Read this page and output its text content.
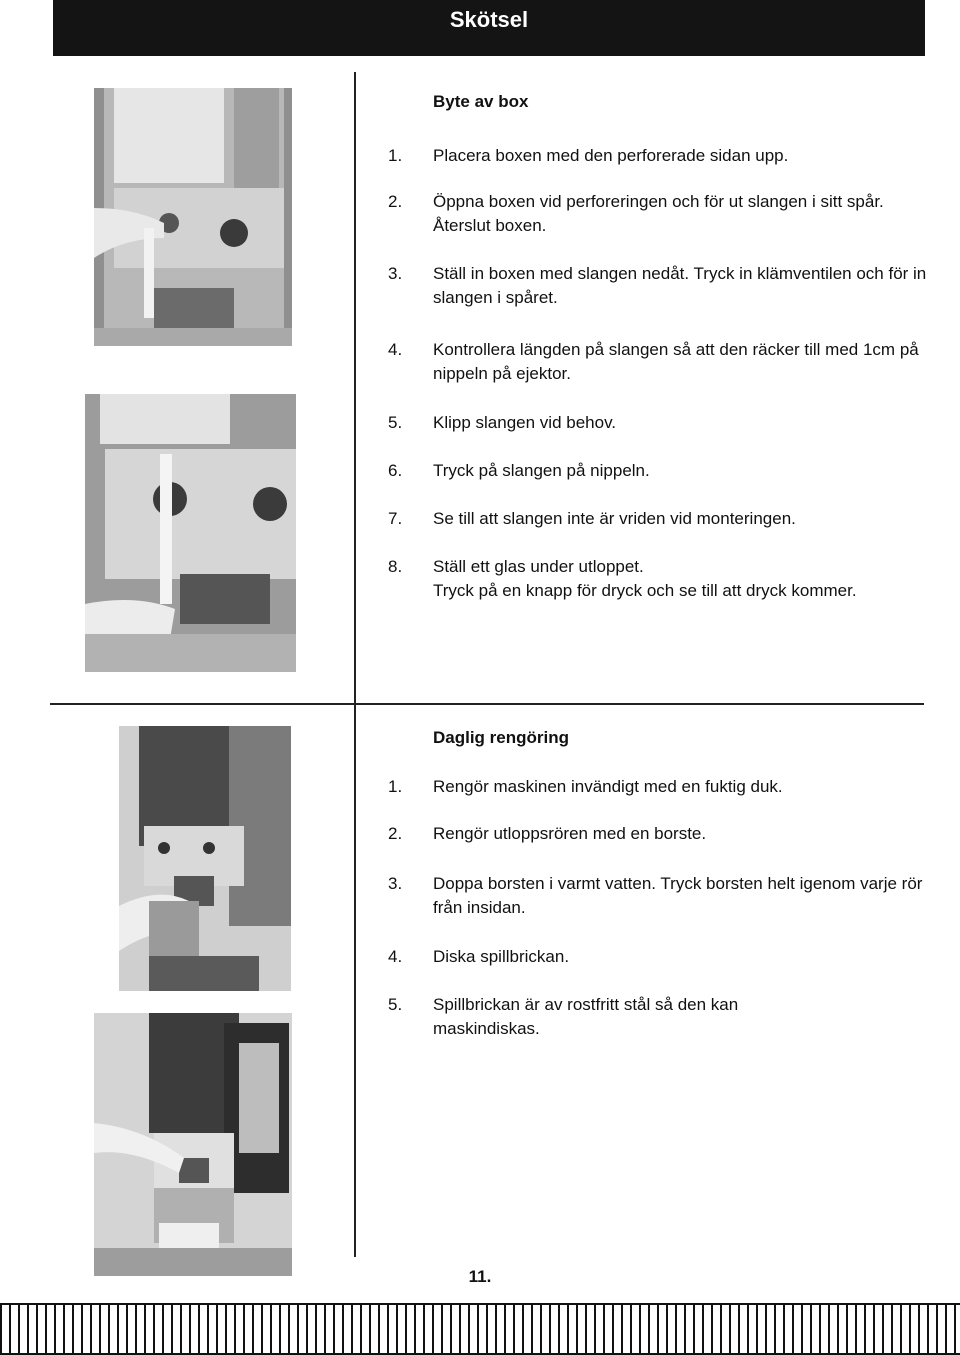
Skötsel
Byte av box
1. Placera boxen med den perforerade sidan upp.
2. Öppna boxen vid perforeringen och för ut slangen i sitt spår. Återslut boxen.
3. Ställ in boxen med slangen nedåt. Tryck in klämventilen och för in slangen i spåret.
4. Kontrollera längden på slangen så att den räcker till med 1cm på nippeln på ejektor.
5. Klipp slangen vid behov.
6. Tryck på slangen på nippeln.
7. Se till att slangen inte är vriden vid monteringen.
8. Ställ ett glas under utloppet.
Tryck på en knapp för dryck och se till att dryck kommer.
Daglig rengöring
1. Rengör maskinen invändigt med en fuktig duk.
2. Rengör utloppsrören med en borste.
3. Doppa borsten i varmt vatten. Tryck borsten helt igenom varje rör från insidan.
4. Diska spillbrickan.
5. Spillbrickan är av rostfritt stål så den kan maskindiskas.
11.
